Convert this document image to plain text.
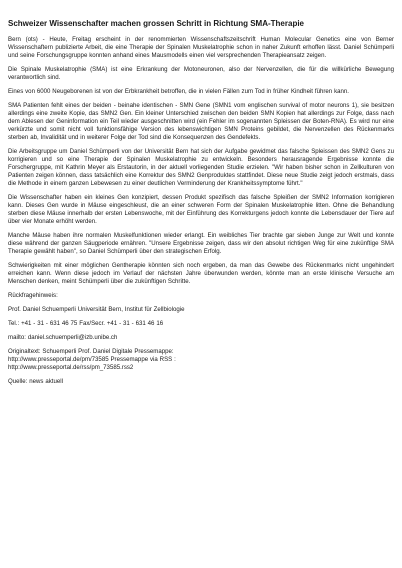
Schweizer Wissenschafter machen grossen Schritt in Richtung SMA-Therapie

Bern (ots) - Heute, Freitag erscheint in der renommierten Wissenschaftszeitschrift Human Molecular Genetics eine von Berner Wissenschaftern publizierte Arbeit, die eine Therapie der Spinalen Muskelatrophie schon in naher Zukunft erhoffen lässt. Daniel Schümperli und seine Forschungsgruppe konnten anhand eines Mausmodells einen viel versprechenden Therapieansatz zeigen.

Die Spinale Muskelatrophie (SMA) ist eine Erkrankung der Motoneuronen, also der Nervenzellen, die für die willkürliche Bewegung verantwortlich sind.

Eines von 6000 Neugeborenen ist von der Erbkrankheit betroffen, die in vielen Fällen zum Tod in früher Kindheit führen kann.

SMA Patienten fehlt eines der beiden - beinahe identischen - SMN Gene (SMN1 vom englischen survival of motor neurons 1), sie besitzen allerdings eine zweite Kopie, das SMN2 Gen. Ein kleiner Unterschied zwischen den beiden SMN Kopien hat allerdings zur Folge, dass nach dem Ablesen der Geninformation ein Teil wieder ausgeschnitten wird (ein Fehler im sogenannten Spleissen der Boten-RNA). Es wird nur eine verkürzte und somit nicht voll funktionsfähige Version des lebenswichtigen SMN Proteins gebildet, die Nervenzellen des Rückenmarks sterben ab, Invalidität und in weiterer Folge der Tod sind die Konsequenzen des Gendefekts.

Die Arbeitsgruppe um Daniel Schümperli von der Universität Bern hat sich der Aufgabe gewidmet das falsche Spleissen des SMN2 Gens zu korrigieren und so eine Therapie der Spinalen Muskelatrophie zu entwickeln. Besonders herausragende Ergebnisse konnte die Forschergruppe, mit Kathrin Meyer als Erstautorin, in der aktuell vorliegenden Studie erzielen. "Wir haben bisher schon in Zellkulturen von Patienten zeigen können, dass tatsächlich eine Korrektur des SMN2 Genproduktes stattfindet. Diese neue Studie zeigt jedoch erstmals, dass die Methode in einem ganzen Lebewesen zu einer deutlichen Verminderung der Krankheitssymptome führt."

Die Wissenschafter haben ein kleines Gen konzipiert, dessen Produkt spezifisch das falsche Spleißen der SMN2 Information korrigieren kann. Dieses Gen wurde in Mäuse eingeschleust, die an einer schweren Form der Spinalen Muskelatrophie litten. Ohne die Behandlung sterben diese Mäuse innerhalb der ersten Lebenswoche, mit der Einführung des Korrekturgens jedoch konnte die Lebensdauer der Tiere auf über vier Monate erhöht werden.

Manche Mäuse haben ihre normalen Muskelfunktionen wieder erlangt. Ein weibliches Tier brachte gar sieben Junge zur Welt und konnte diese während der ganzen Säugperiode ernähren. "Unsere Ergebnisse zeigen, dass wir den absolut richtigen Weg für eine zukünftige SMA Therapie gewählt haben", so Daniel Schümperli über den strategischen Erfolg.

Schwierigkeiten mit einer möglichen Gentherapie könnten sich noch ergeben, da man das Gewebe des Rückenmarks nicht ungehindert erreichen kann. Wenn diese jedoch im Verlauf der nächsten Jahre überwunden werden, könnte man an erste klinische Versuche am Menschen denken, meint Schümperli über die zukünftigen Schritte.

Rückfragehinweis:

Prof. Daniel Schuemperli Universität Bern, Institut für Zellbiologie

Tel.: +41 - 31 - 631 46 75 Fax/Secr. +41 - 31 - 631 46 16

mailto: daniel.schuemperli@izb.unibe.ch

Originaltext: Schuemperli Prof. Daniel Digitale Pressemappe:
http://www.presseportal.de/pm/73585 Pressemappe via RSS :
http://www.presseportal.de/rss/pm_73585.rss2

Quelle: news aktuell
